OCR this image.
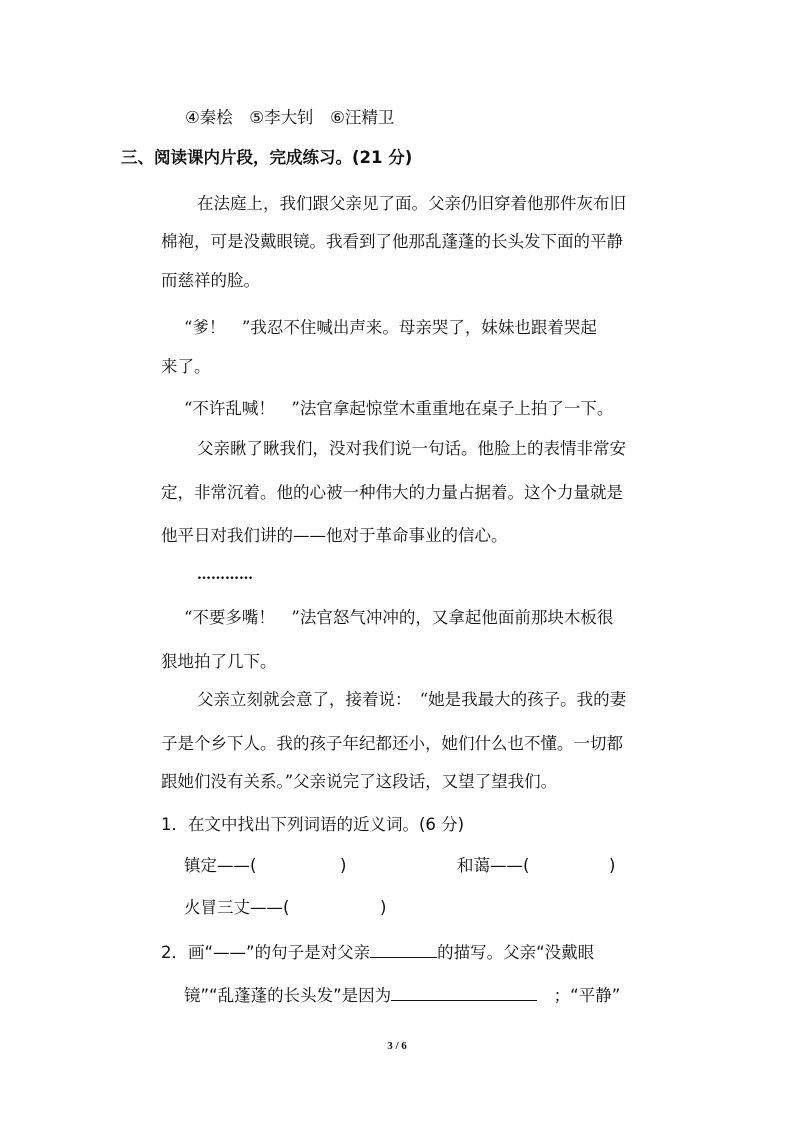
④秦桧　⑤李大钊　⑥汪精卫
三、阅读课内片段，完成练习。(21 分)
在法庭上，我们跟父亲见了面。父亲仍旧穿着他那件灰布旧
棉袍，可是没戴眼镜。我看到了他那乱蓬蓬的长头发下面的平静
而慈祥的脸。
“爹！　”我忍不住喊出声来。母亲哭了，妹妹也跟着哭起
来了。
“不许乱喊！　”法官拿起惊堂木重重地在桌子上拍了一下。
父亲瞅了瞅我们，没对我们说一句话。他脸上的表情非常安
定，非常沉着。他的心被一种伟大的力量占据着。这个力量就是
他平日对我们讲的——他对于革命事业的信心。
…………
“不要多嘴！　”法官怒气冲冲的，又拿起他面前那块木板很
狠地拍了几下。
父亲立刻就会意了，接着说：　“她是我最大的孩子。我的妻
子是个乡下人。我的孩子年纪都还小，她们什么也不懂。一切都
跟她们没有关系。”父亲说完了这段话，又望了望我们。
1．在文中找出下列词语的近义词。(6 分)
镇定——(	)	和蔼——(	)
火冒三丈——(	)
2．画“——”的句子是对父亲	的描写。父亲“没戴眼
镜”“乱蓬蓬的长头发”是因为　	；“平静”
3 / 6
